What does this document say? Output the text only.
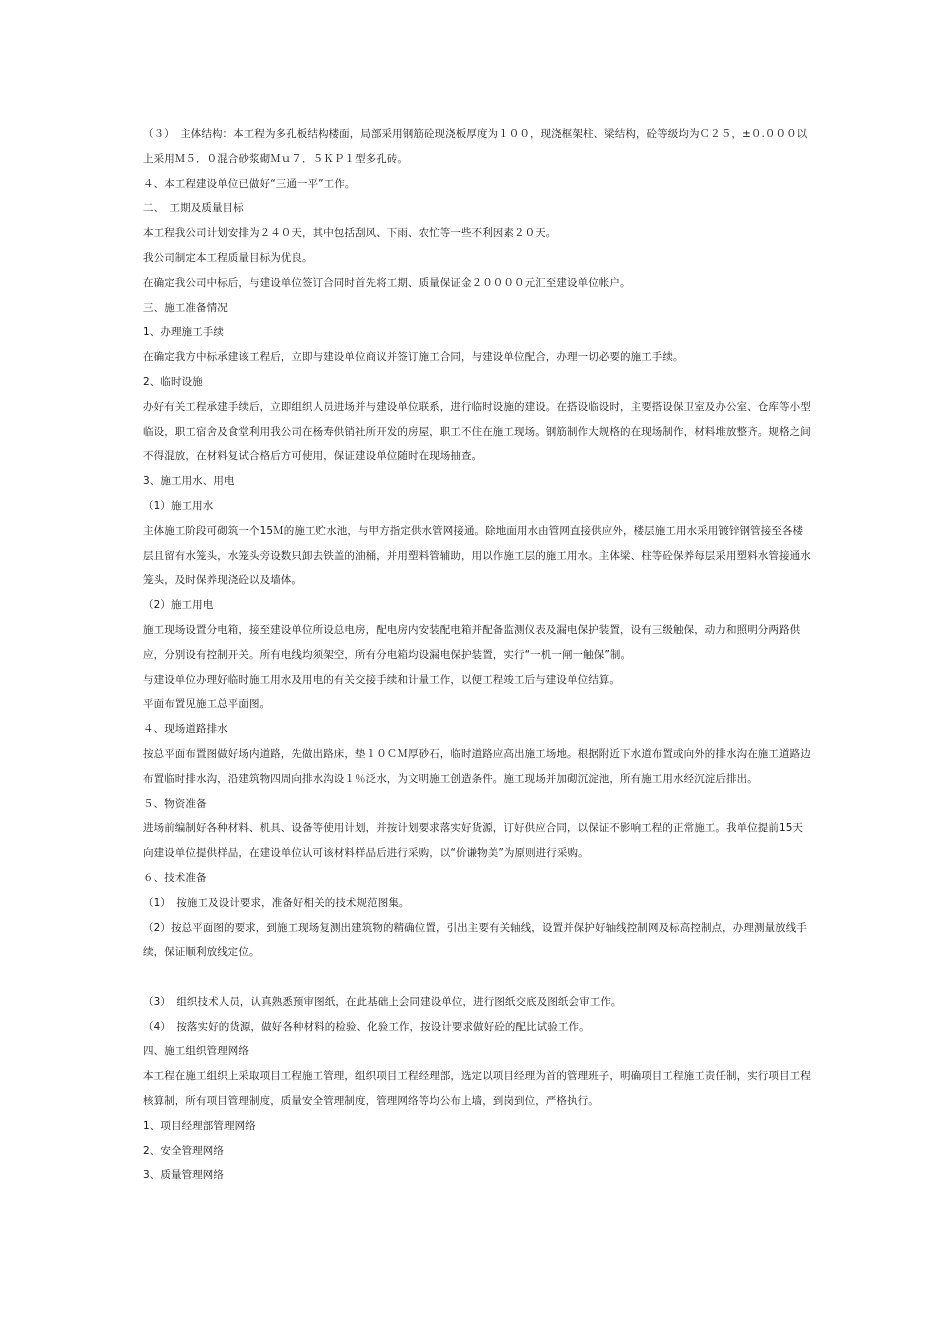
（３）　主体结构：本工程为多孔板结构楼面，局部采用钢筋砼现浇板厚度为１００，现浇框架柱、梁结构，砼等级均为Ｃ２５，±０.０００以上采用Ｍ５．０混合砂浆砌Ｍｕ７．５ＫＰ１型多孔砖。

４、本工程建设单位已做好“三通一平”工作。

二、　工期及质量目标

本工程我公司计划安排为２４０天，其中包括刮风、下雨、农忙等一些不利因素２０天。

我公司制定本工程质量目标为优良。

在确定我公司中标后，与建设单位签订合同时首先将工期、质量保证金２００００元汇至建设单位帐户。

三、施工准备情况

1、办理施工手续

在确定我方中标承建该工程后，立即与建设单位商议并签订施工合同，与建设单位配合，办理一切必要的施工手续。

2、临时设施

办好有关工程承建手续后，立即组织人员进场并与建设单位联系，进行临时设施的建设。在搭设临设时，主要搭设保卫室及办公室、仓库等小型临设，职工宿舍及食堂利用我公司在杨寿供销社所开发的房屋，职工不住在施工现场。钢筋制作大规格的在现场制作，材料堆放整齐。规格之间不得混放，在材料复试合格后方可使用，保证建设单位随时在现场抽查。

3、施工用水、用电

（1）施工用水

主体施工阶段可砌筑一个15Ｍ的施工贮水池，与甲方指定供水管网接通。除地面用水由管网直接供应外，楼层施工用水采用镀锌钢管接至各楼层且留有水笼头，水笼头旁设数只卸去铁盖的油桶，并用塑料管辅助，用以作施工层的施工用水。主体梁、柱等砼保养每层采用塑料水管接通水笼头，及时保养现浇砼以及墙体。

（2）施工用电

施工现场设置分电箱，接至建设单位所设总电房，配电房内安装配电箱并配备监测仪表及漏电保护装置，设有三级触保，动力和照明分两路供应，分别设有控制开关。所有电线均须架空，所有分电箱均设漏电保护装置，实行“一机一闸一触保”制。

与建设单位办理好临时施工用水及用电的有关交接手续和计量工作，以便工程竣工后与建设单位结算。

平面布置见施工总平面图。

４、现场道路排水

按总平面布置图做好场内道路，先做出路床，垫１０ＣＭ厚砂石，临时道路应高出施工场地。根据附近下水道布置或向外的排水沟在施工道路边布置临时排水沟，沿建筑物四周向排水沟设１％泛水，为文明施工创造条件。施工现场并加砌沉淀池，所有施工用水经沉淀后排出。

５、物资准备

进场前编制好各种材料、机具、设备等使用计划，并按计划要求落实好货源，订好供应合同，以保证不影响工程的正常施工。我单位提前15天向建设单位提供样品，在建设单位认可该材料样品后进行采购，以“价谦物美”为原则进行采购。

６、技术准备

（1）　按施工及设计要求，准备好相关的技术规范图集。

（2）按总平面图的要求，到施工现场复测出建筑物的精确位置，引出主要有关轴线，设置并保护好轴线控制网及标高控制点，办理测量放线手续，保证顺利放线定位。

（3）　组织技术人员，认真熟悉预审图纸，在此基础上会同建设单位，进行图纸交底及图纸会审工作。

（4）　按落实好的货源，做好各种材料的检验、化验工作，按设计要求做好砼的配比试验工作。

四、施工组织管理网络

本工程在施工组织上采取项目工程施工管理，组织项目工程经理部，选定以项目经理为首的管理班子，明确项目工程施工责任制，实行项目工程核算制，所有项目管理制度，质量安全管理制度，管理网络等均公布上墙，到岗到位，严格执行。

1、项目经理部管理网络

2、安全管理网络

3、质量管理网络
